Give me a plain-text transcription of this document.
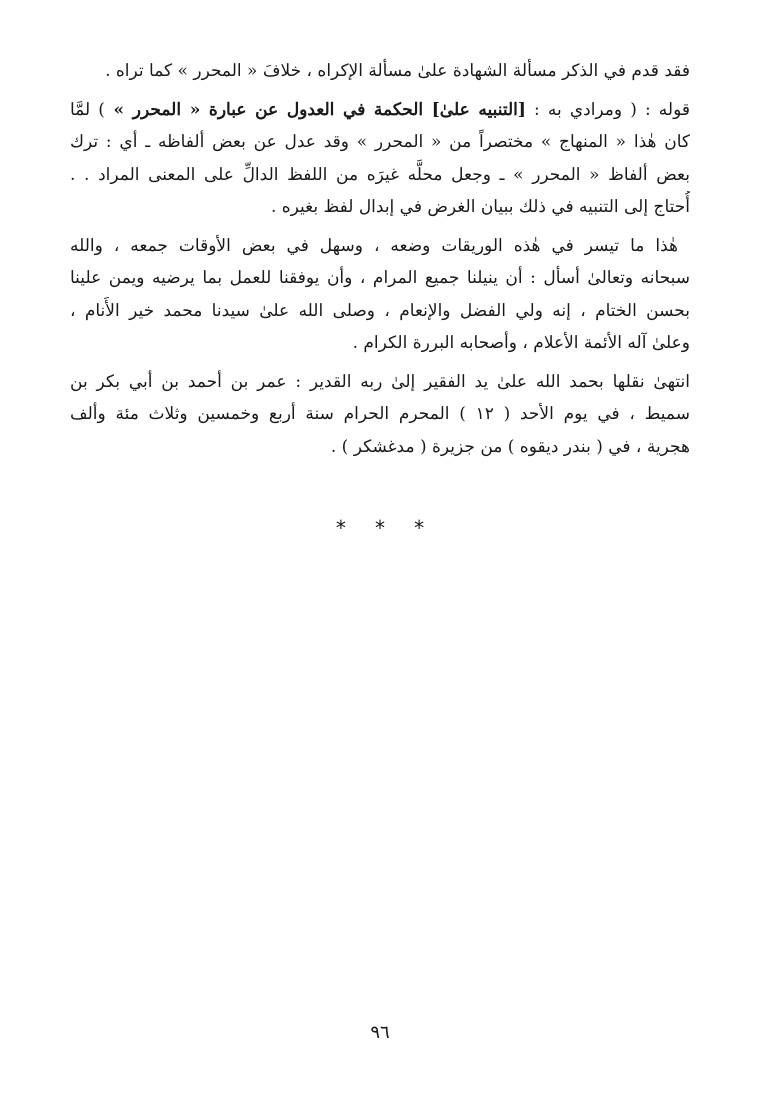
فقد قدم في الذكر مسألة الشهادة علىٰ مسألة الإكراه ، خلافَ « المحرر » كما تراه .
قوله : ( ومرادي به : [التنبيه علىٰ] الحكمة في العدول عن عبارة « المحرر » ) لمَّا
كان هٰذا « المنهاج » مختصراً من « المحرر » وقد عدل عن بعض ألفاظه ـ أي : ترك
بعض ألفاظ « المحرر » ـ وجعل محلَّه غيرَه من اللفظ الدالِّ على المعنى المراد . .
أُحتاج إلى التنبيه في ذلك ببيان الغرض في إبدال لفظ بغيره .
هٰذا ما تيسر في هٰذه الوريقات وضعه ، وسهل في بعض الأوقات جمعه ، والله
سبحانه وتعالىٰ أسأل : أن ينيلنا جميع المرام ، وأن يوفقنا للعمل بما يرضيه ويمن علينا
بحسن الختام ، إنه ولي الفضل والإنعام ، وصلى الله علىٰ سيدنا محمد خير الأَنام ،
وعلىٰ آله الأئمة الأعلام ، وأصحابه البررة الكرام .
انتهىٰ نقلها بحمد الله علىٰ يد الفقير إلىٰ ربه القدير : عمر بن أحمد بن أبي بكر بن
سميط ، في يوم الأحد ( ١٢ ) المحرم الحرام سنة أربع وخمسين وثلاث مئة وألف
هجرية ، في ( بندر ديقوه ) من جزيرة ( مدغشكر ) .
* * *
٩٦
